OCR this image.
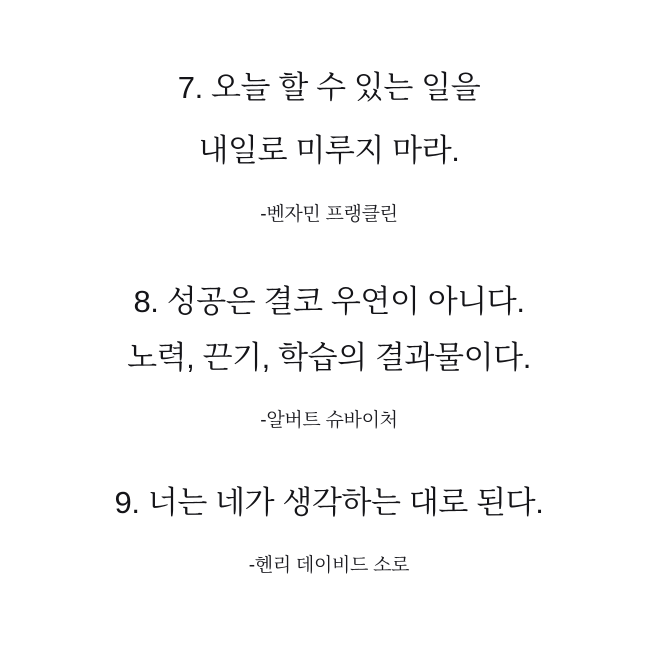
7. 오늘 할 수 있는 일을
내일로 미루지 마라.
-벤자민 프랭클린
8. 성공은 결코 우연이 아니다.
노력, 끈기, 학습의 결과물이다.
-알버트 슈바이처
9. 너는 네가 생각하는 대로 된다.
-헨리 데이비드 소로
